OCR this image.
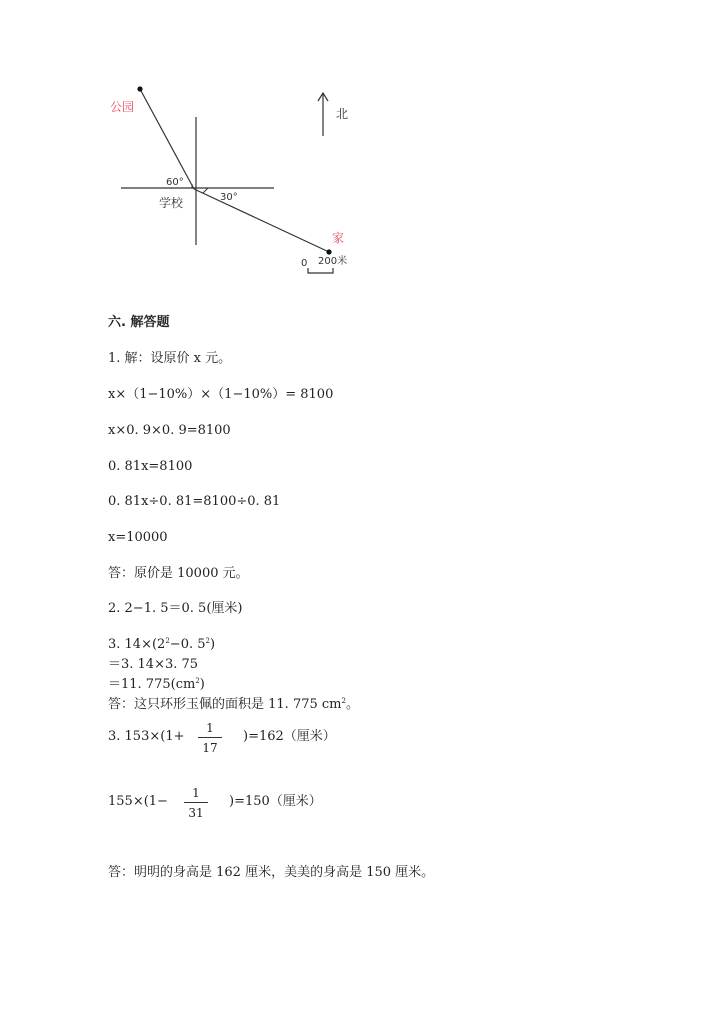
公园
学校
家
北
60°
30°
0 200米
六. 解答题
1. 解：设原价 x 元。
x×（1−10%）×（1−10%）= 8100
x×0. 9×0. 9=8100
0. 81x=8100
0. 81x÷0. 81=8100÷0. 81
x=10000
答：原价是 10000 元。
2. 2−1. 5＝0. 5(厘米)
3. $14\times(2^2-0$. $5^2$)
＝3. 14×3. 75
＝11. $775(cm^2)$
答：这只环形玉佩的面积是 11. 775 $cm^2$。
3. 153×(1+
1
17
)=162（厘米）
155×(1−
1
31
)=150（厘米）
答：明明的身高是 162 厘米，美美的身高是 150 厘米。
